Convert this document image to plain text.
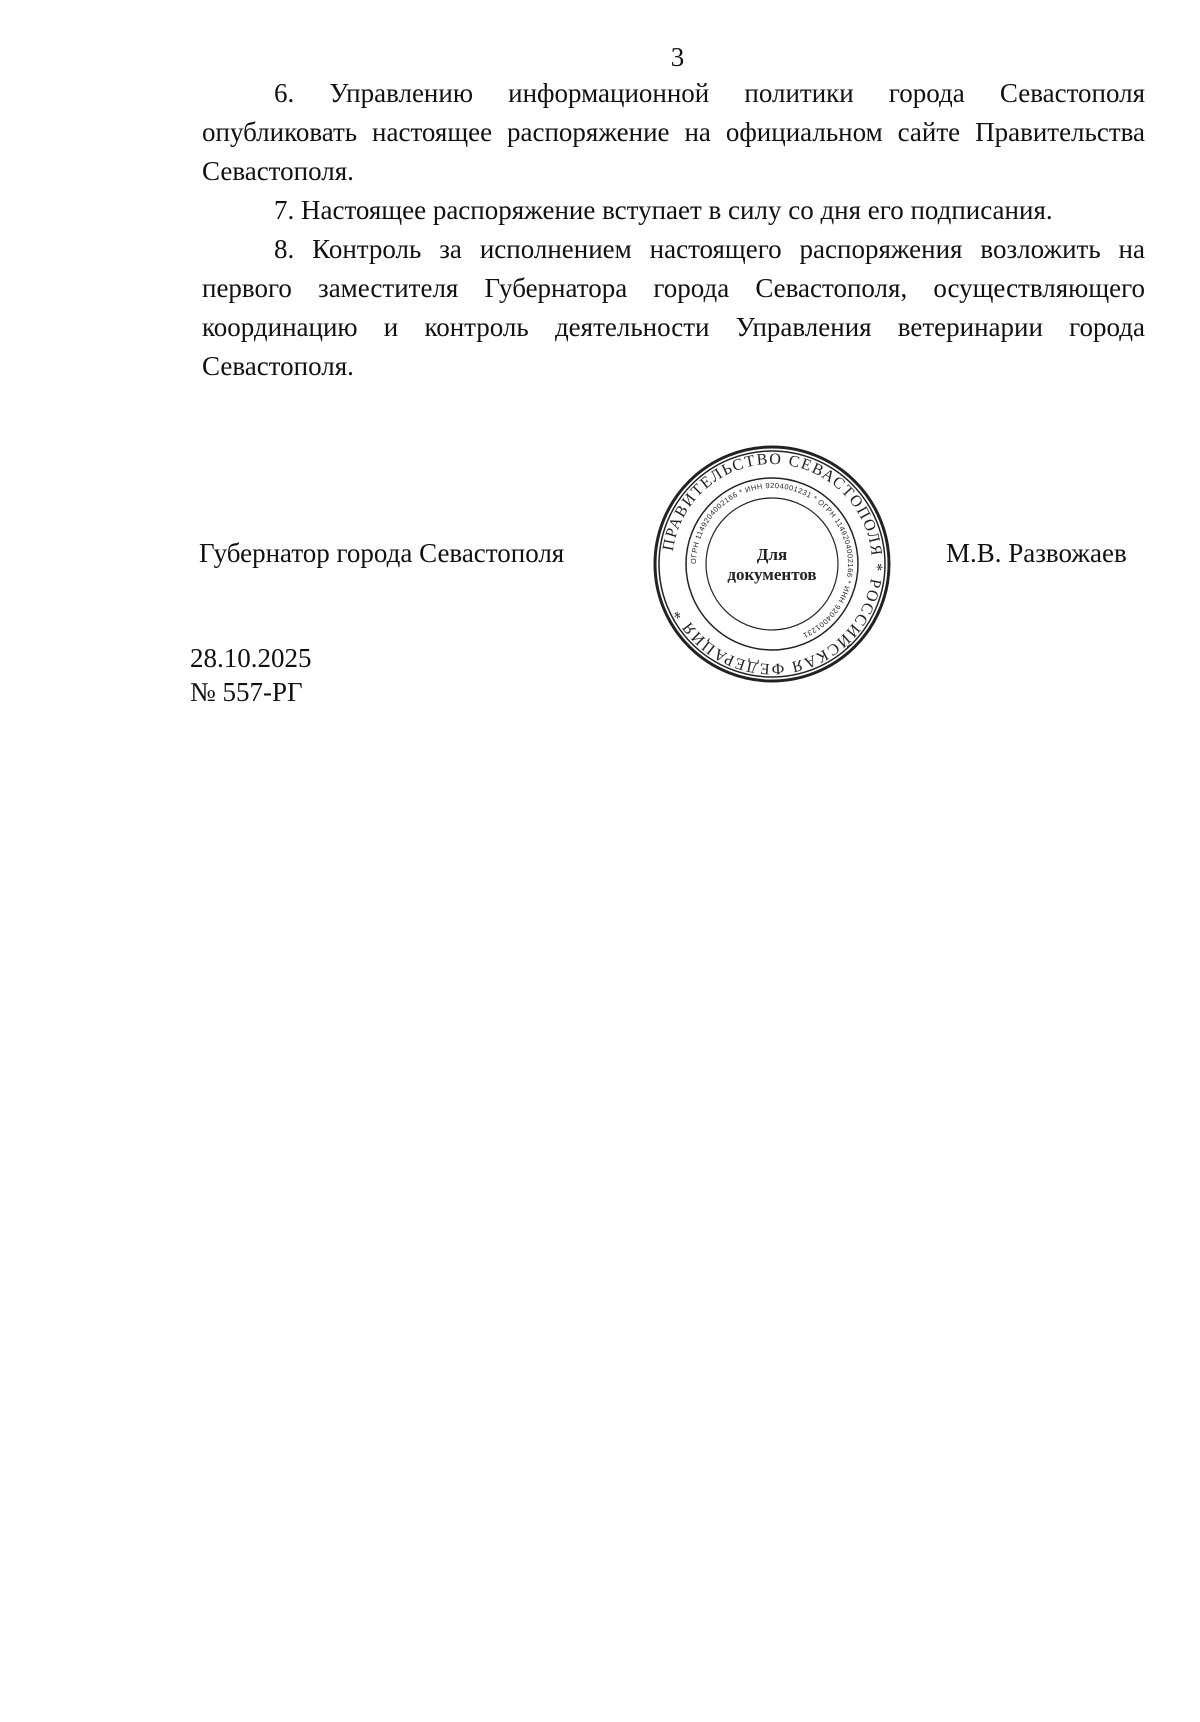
3

6. Управлению информационной политики города Севастополя опубликовать настоящее распоряжение на официальном сайте Правительства Севастополя.

7. Настоящее распоряжение вступает в силу со дня его подписания.

8. Контроль за исполнением настоящего распоряжения возложить на первого заместителя Губернатора города Севастополя, осуществляющего координацию и контроль деятельности Управления ветеринарии города Севастополя.

Губернатор города Севастополя	М.В. Развожаев
ПРАВИТЕЛЬСТВО СЕВАСТОПОЛЯ * РОССИЙСКАЯ ФЕДЕРАЦИЯ *
ОГРН 1149204002166 * ИНН 9204001231 * ОГРН 1149204002166 * ИНН 9204001231
Для
документов
28.10.2025
№ 557-РГ
